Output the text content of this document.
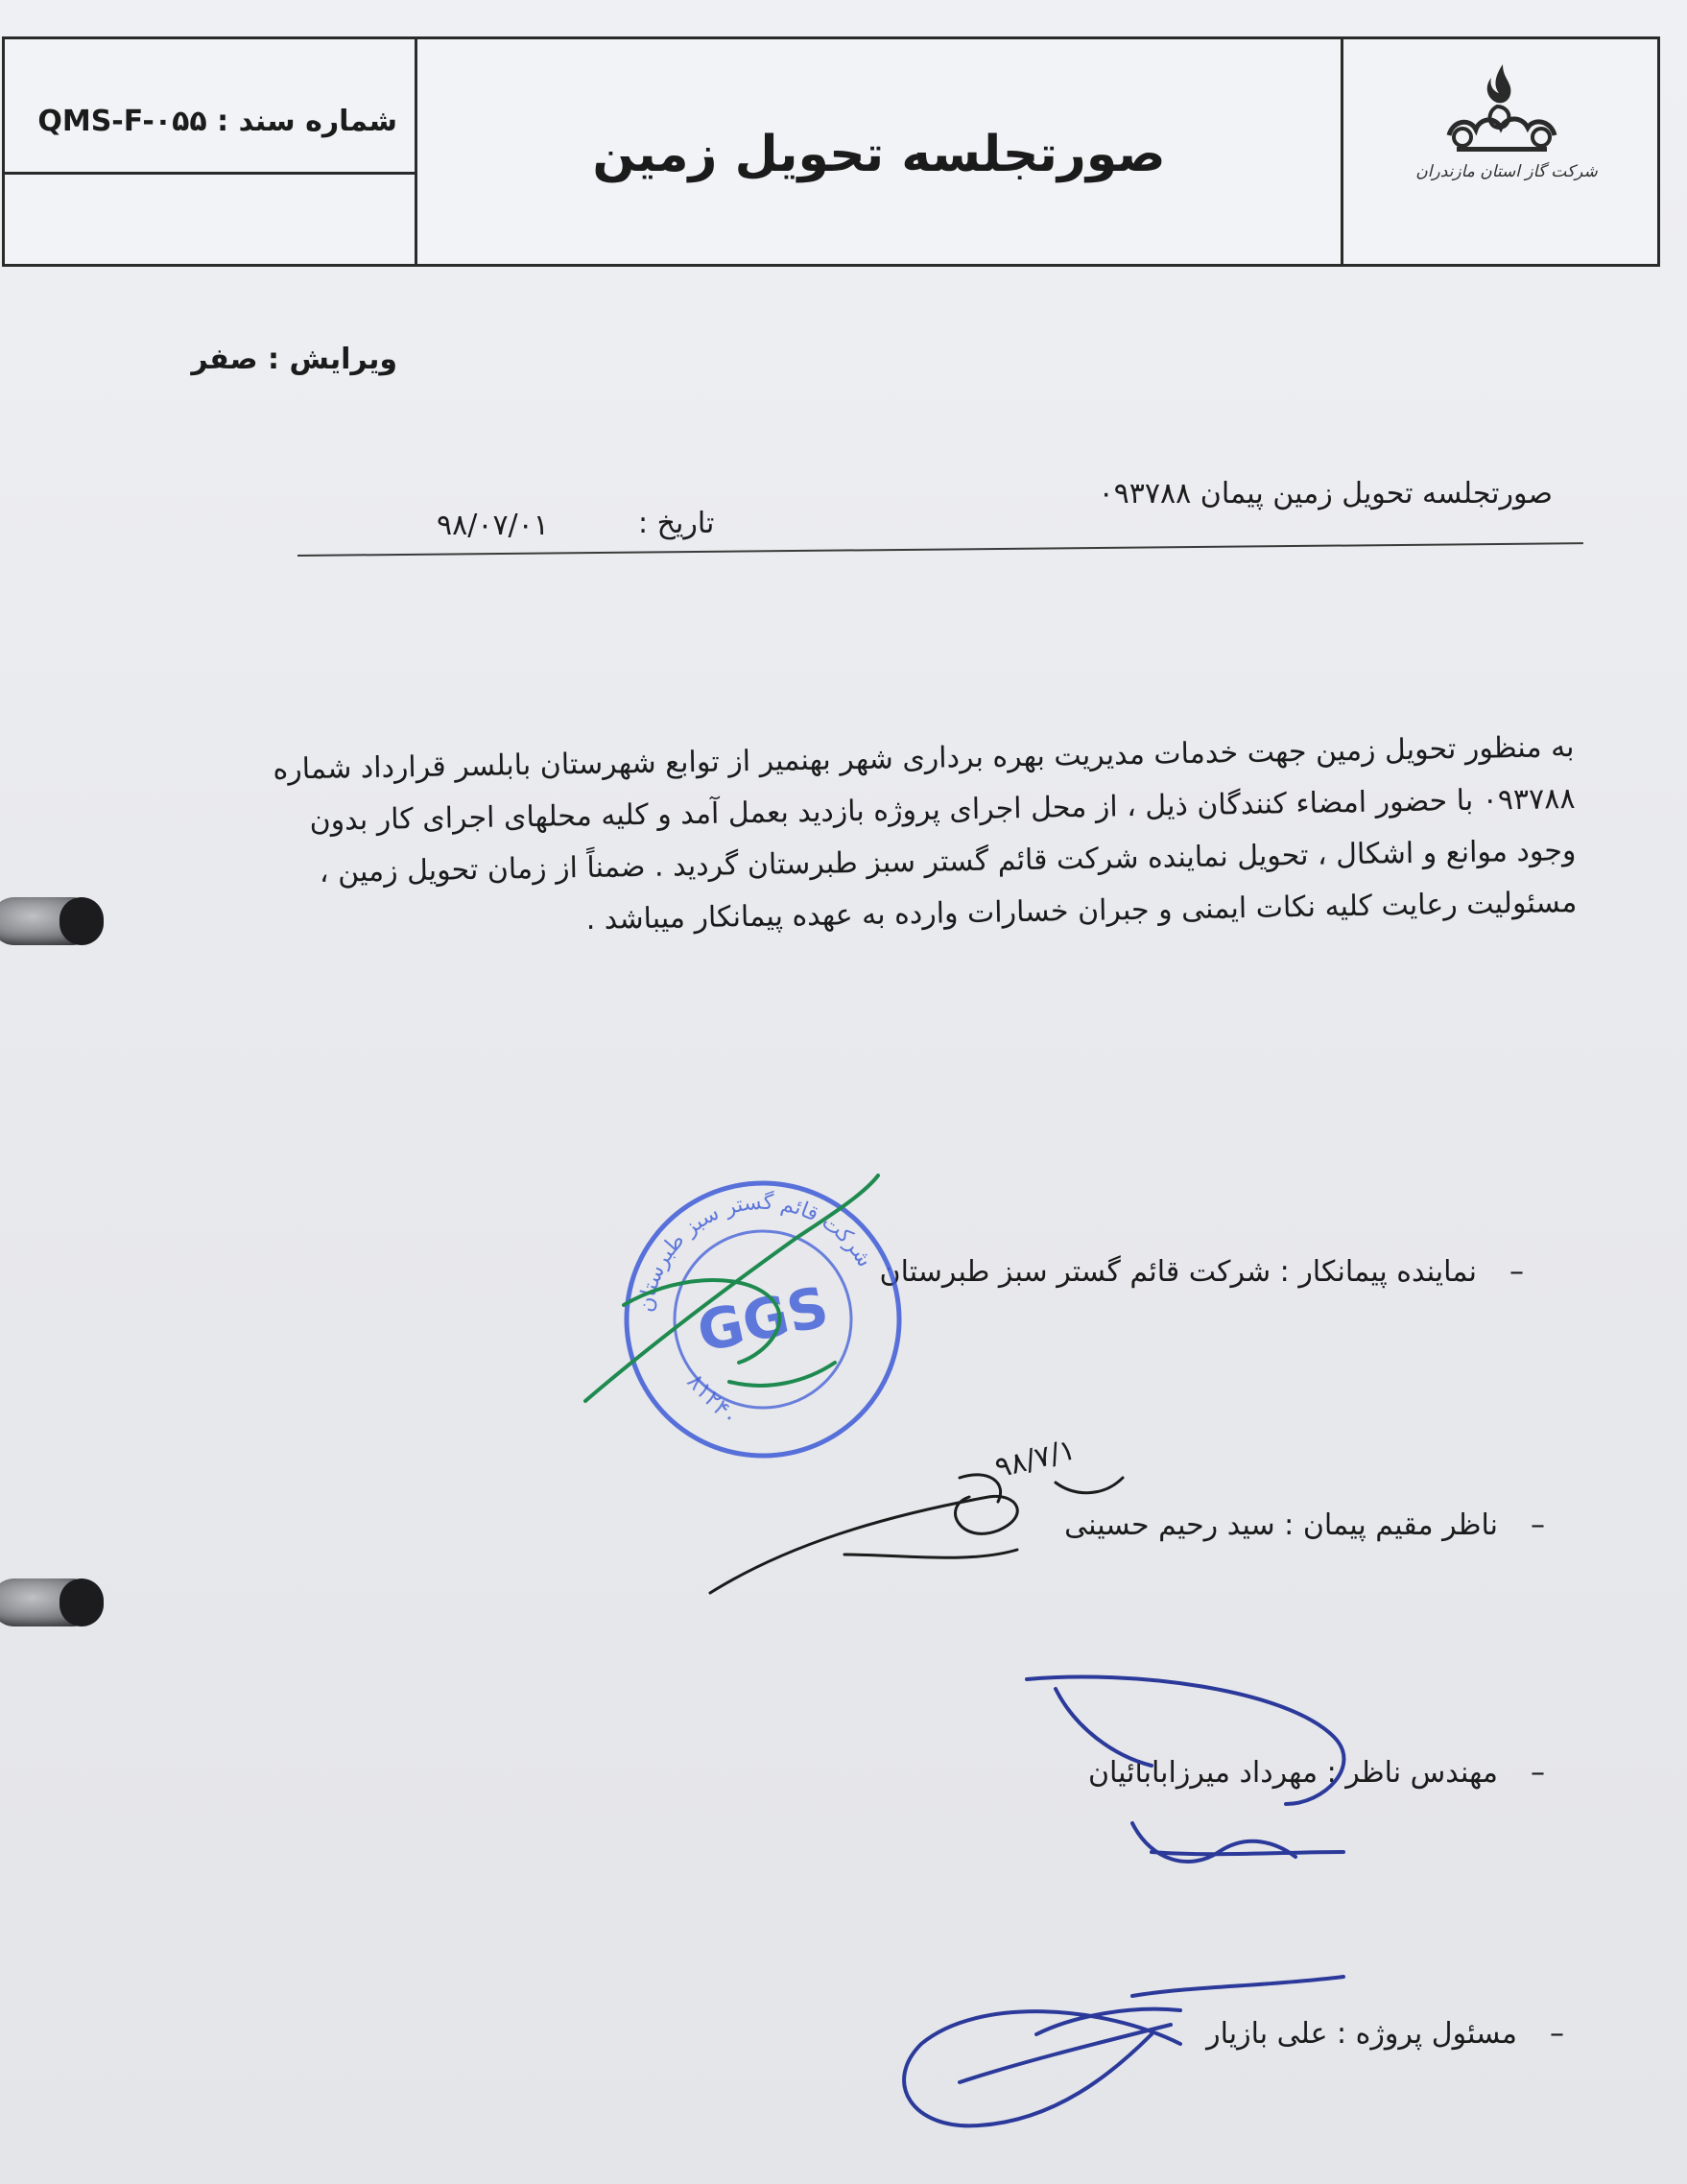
شماره سند : QMS-F-۰۵۵
ویرایش : صفر
صورتجلسه تحویل زمین	شرکت گاز استان مازندران
صورتجلسه تحویل زمین پیمان ۰۹۳۷۸۸
تاریخ :
۹۸/۰۷/۰۱
به منظور تحویل زمین جهت خدمات مدیریت بهره برداری شهر بهنمیر از توابع شهرستان بابلسر قرارداد شماره
۰۹۳۷۸۸ با حضور امضاء کنندگان ذیل ، از محل اجرای پروژه بازدید بعمل آمد و کلیه محلهای اجرای کار بدون
وجود موانع و اشکال ، تحویل نماینده شرکت قائم گستر سبز طبرستان گردید . ضمناً از زمان تحویل زمین ،
مسئولیت رعایت کلیه نکات ایمنی و جبران خسارات وارده به عهده پیمانکار میباشد .
–نماینده پیمانکار : شرکت قائم گستر سبز طبرستان
–ناظر مقیم پیمان : سید رحیم حسینی
–مهندس ناظر : مهرداد میرزابابائیان
–مسئول پروژه : علی بازیار
شرکت قائم گستر سبز طبرستان
GGS
۸۱۲۴۰
۹۸/۷/۱
